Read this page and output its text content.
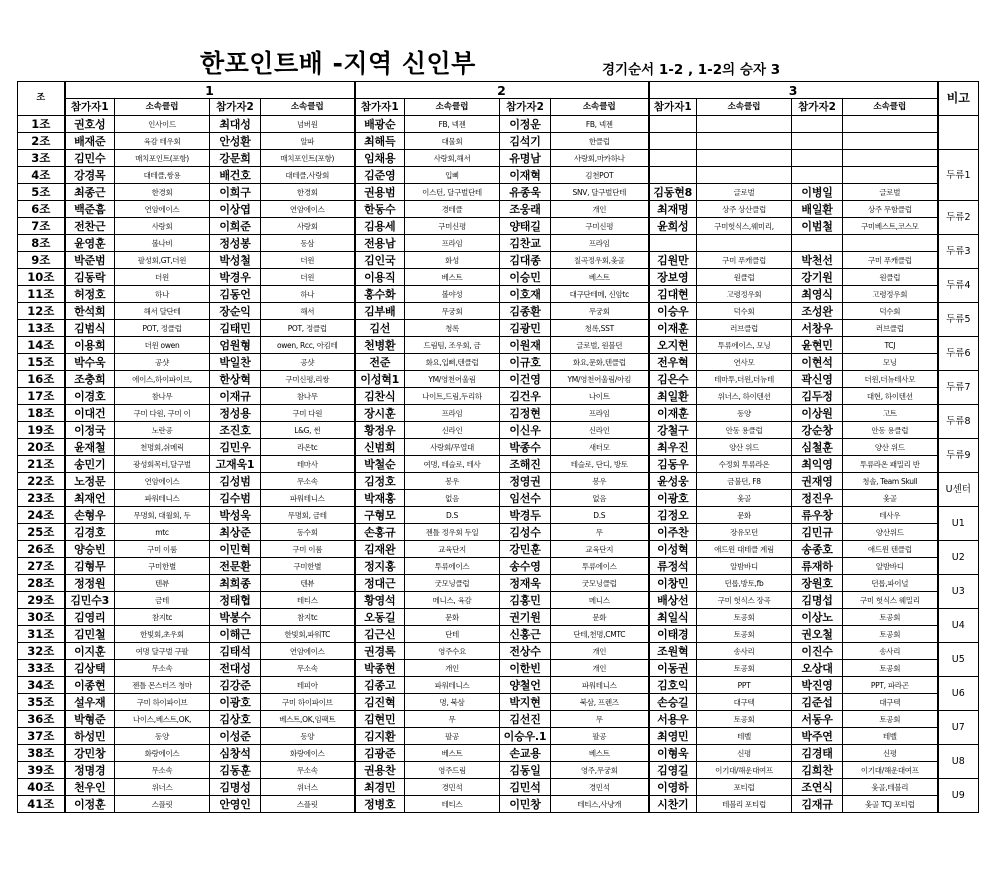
한포인트배 -지역 신인부	경기순서 1-2 , 1-2의 승자 3
조	1				2				3				비고
	참가자1	소속클럽	참가자2	소속클럽	참가자1	소속클럽	참가자2	소속클럽	참가자1	소속클럽	참가자2	소속클럽	
1조	권호성	인사이드	최대성	넘버원	배광순	FB, 넥젠	이정운	FB, 넥젠					
2조	배재준	육감 테우회	안성환	알파	최해득	대물회	김석기	한클럽					
3조	김민수	매치포인트(포항)	강문희	매치포인트(포항)	임채용	사랑회,해서	유명남	사랑회,마카하나					두류1
4조	강경목	대테클,쌍용	배건호	대테클,사랑회	김준영	입삐	이재혁	김천POT					
5조	최종근	한경회	이희구	한경회	권용범	이스턴, 달구벌단테	유종욱	SNV, 달구벌단테	김동현8	글로벌	이병일	글로벌	
6조	백준흠	연암에이스	이상엽	연암에이스	한동수	경테클	조웅래	개인	최재명	상주 상산클럽	배일환	상주 무함클럽	두류2
7조	전찬근	사랑회	이희준	사랑회	김용세	구미신평	양태길	구미신평	윤희성	구미헛식스,웨미리,	이범철	구미베스트,코스모	
8조	윤영훈	볼나비	정성봉	동삼	전용남	프라임	김찬교	프라임					두류3
9조	박준범	팔성회,GT,더윈	박성철	더윈	김인국	화성	김대종	칠곡정우회,옻골	김원만	구미 푸캐클럽	박천선	구미 푸캐클럽	
10조	김동락	더윈	박경우	더윈	이용직	베스트	이승민	베스트	장보영	원클럽	강기원	원클럽	두류4
11조	허정호	하나	김동언	하나	홍수화	볼야성	이호재	대구단테메, 신암tc	김대현	고령정우회	최영식	고령정우회	
12조	한석희	해서 달단테	장순익	해서	김부배	무궁회	김종환	무궁회	이승우	덕수회	조성완	덕수회	두류5
13조	김범식	POT, 정클럽	김태민	POT, 정클럽	김선	청록	김광민	청록,SST	이재훈	러브클럽	서창우	러브클럽	
14조	이용희	더윈 owen	엄원형	owen, Rcc, 아킴테	천병환	드림팀, 조우회, 금	이원재	글로벌, 원블던	오지현	투류에이스, 모닝	윤현민	TCJ	두류6
15조	박수욱	공샷	박일찬	공샷	전준	화요,입삐,텐클럽	이규호	화요,문화,텐클럽	전우혁	연사모	이현석	모닝	
16조	조충희	에이스,하이파이브,	한상혁	구미신평,리쌍	이성혁1	YM/영천어울림	이건영	YM/영천어울림/아킴	김은수	테마투,더윈,더뉴테	곽신영	더윈,더뉴테사모	두류7
17조	이경호	참나무	이재규	참나무	김찬식	나이트,드림,두리하	김건우	나이트	최일환	위너스, 하이텐션	김두정	대현, 하이텐션	
18조	이대건	구미 다원, 구미 이	정성용	구미 다원	장시훈	프라임	김정현	프라임	이재훈	동양	이상원	고트	두류8
19조	이정국	노란공	조진호	L&G, 썬	황정우	신라인	이신우	신라인	강철구	안동 용클럽	강순창	안동 용클럽	
20조	윤재철	천명회,쉬메릭	김민우	라온tc	신범희	사랑회/무열대	박종수	새터모	최우진	양산 위드	심철훈	양산 위드	두류9
21조	송민기	광성회목터,달구벌	고재욱1	테마사	박철순	여명, 테슬로, 테사	조해진	테슬로, 단디, 방토	김동우	수정회 투류라온	최익영	투류라온 패밀리 반	
22조	노정문	연암에이스	김성범	무소속	김정호	봉우	정영권	봉우	윤성웅	금불던, F8	권재영	청솔, Team Skull	U센터
23조	최재언	파워테니스	김수범	파워테니스	박재홍	없음	임선수	없음	이광호	옻골	정진우	옻골	
24조	손형우	무명회, 대월회, 두	박성욱	무명회, 금테	구형모	D.S	박경두	D.S	김정오	문화	류우창	테사우	U1
25조	김경호	mtc	최상준	동수회	손홍규	젠틀 정우회 두일	김성수	무	이주찬	장유모던	김민규	양산위드	
26조	양승빈	구미 이룸	이민혁	구미 이룸	김재완	교육단지	강민훈	교육단지	이성혁	애드윈 대테클 계림	송종호	애드윈 텐클럽	U2
27조	김형무	구미한별	전문환	구미한별	정지홍	투류에이스	송수영	투류에이스	류정석	알밤바디	류재하	알밤바디	
28조	정정원	텐뷰	최희종	텐뷰	정대근	굿모닝클럽	정재욱	굿모닝클럽	이창민	던롭,방토,fb	장원호	던롭,파이널	U3
29조	김민수3	금테	정태협	테티스	황영석	메니스, 육감	김홍민	메니스	배상선	구미 헛식스 장곡	김명섭	구미 헛식스 웨밀리	
30조	김영리	참지tc	박봉수	참지tc	오동길	문화	권기원	문화	최일식	토공회	이상노	토공회	U4
31조	김민철	한빛회,초우회	이해근	한빛회,파워TC	김근신	단테	신홍근	단테,천명,CMTC	이태경	토공회	권오철	토공회	
32조	이지훈	여명 달구벌 구팔	김태석	연암에이스	권경록	영주수요	전상수	개인	조원혁	송사리	이진수	송사리	U5
33조	김상택	무소속	전대성	무소속	박종현	개인	이한빈	개인	이동권	토공회	오상대	토공회	
34조	이종현	젠틀 몬스터즈 청마	김강준	테피아	김종고	파워테니스	양철언	파워테니스	김호익	PPT	박진영	PPT, 파라곤	U6
35조	설우재	구미 하이파이브	이광호	구미 하이파이브	김진혁	명, 북삼	박지현	북삼, 프렌즈	손승길	대구텍	김준섭	대구텍	
36조	박형준	나이스,베스트,OK,	김상호	베스트,OK,임팩트	김현민	무	김선진	무	서용우	토공회	서동우	토공회	U7
37조	하성민	동양	이성준	동양	김지환	팔공	이승우.1	팔공	최영민	테벨	박주연	테벨	
38조	강민창	화랑에이스	심창석	화랑에이스	김광준	베스트	손교용	베스트	이형욱	신평	김경태	신평	U8
39조	정명경	무소속	김동훈	무소속	권용찬	영주드림	김동일	영주,무궁회	김영길	이기대/해운대여프	김희찬	이기대/해운대여프	
40조	천우인	위너스	김명성	위너스	최경민	경민석	김민석	경민석	이영하	포티럽	조연식	옻골,테블리	U9
41조	이정훈	스플릿	안영인	스플릿	정병호	테티스	이민창	테티스,사냥개	시찬기	테블리 포티럽	김재규	옻골 TCJ 포티럽	
